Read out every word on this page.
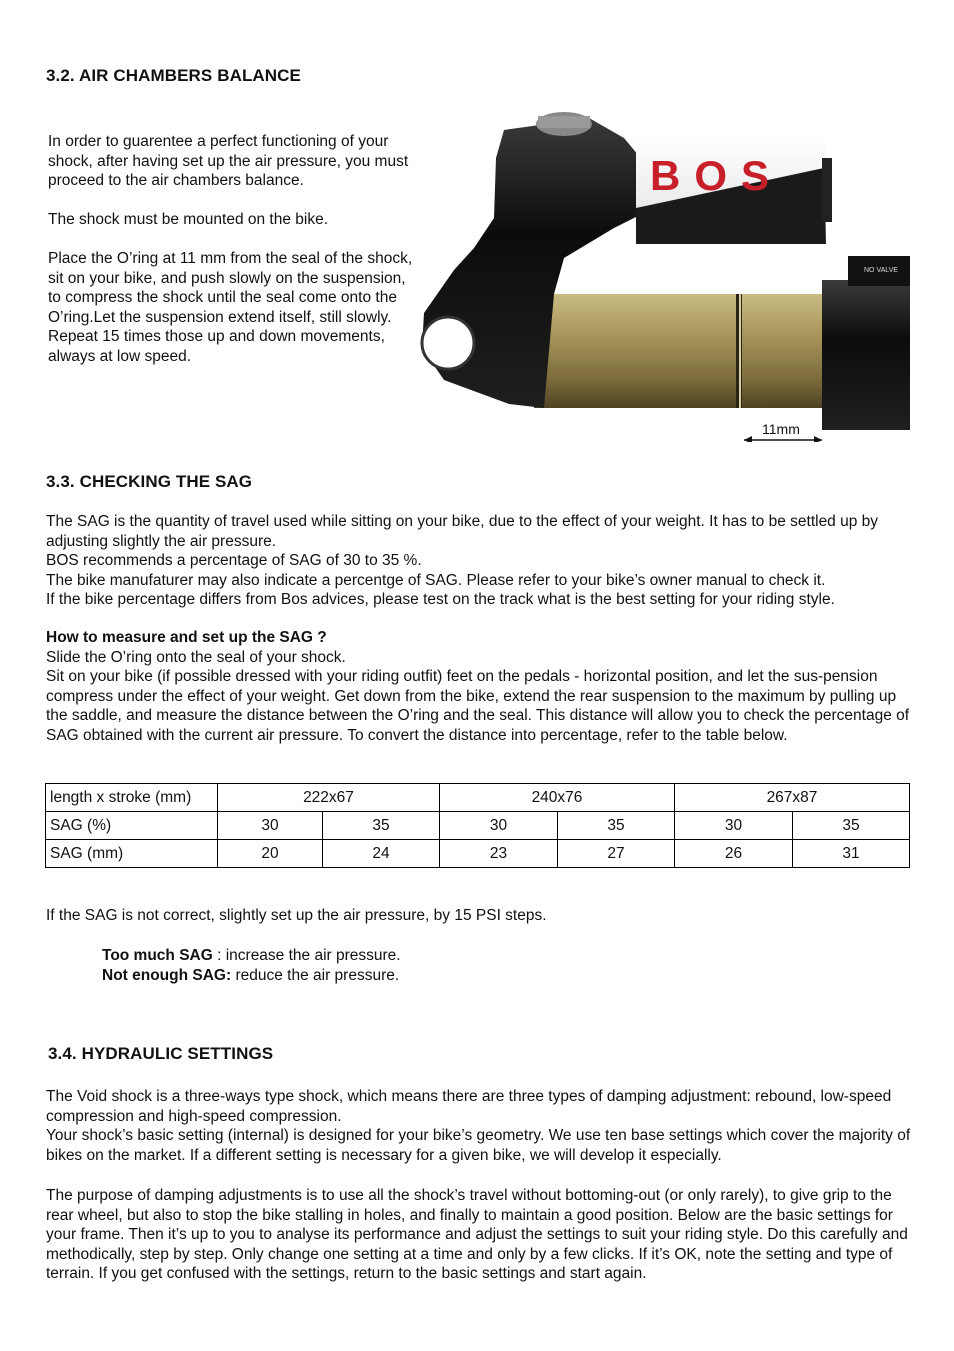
3.2. AIR CHAMBERS BALANCE

In order to guarentee a perfect functioning of your shock, after having set up the air pressure, you must proceed to the air chambers balance.

The shock must be mounted on the bike.

Place the O’ring at 11 mm from the seal of the shock, sit on your bike, and push slowly on the suspension, to compress the shock until the seal come onto the O’ring.Let the suspension extend itself, still slowly.

Repeat 15 times those up and down movements, always at low speed.

NO VALVE
BOS
11mm
3.3. CHECKING THE SAG

The SAG is the quantity of travel used while sitting on your bike, due to the effect of your weight. It has to be settled up by adjusting slightly the air pressure.

BOS recommends a percentage of SAG of 30 to 35 %.

The bike manufaturer may also indicate a percentge of SAG. Please refer to your bike’s owner manual to check it.

If the bike percentage differs from Bos advices, please test on the track what is the best setting for your riding style.

How to measure and set up the SAG ?

Slide the O’ring onto the seal of your shock.

Sit on your bike (if possible dressed with your riding outfit) feet on the pedals - horizontal position, and let the sus-pension compress under the effect of your weight. Get down from the bike, extend the rear suspension to the maximum by pulling up the saddle, and measure the distance between the O’ring and the seal. This distance will allow you to check the percentage of SAG obtained with the current air pressure. To convert the distance into percentage, refer to the table below.

length x stroke (mm)	222x67		240x76		267x87	
SAG (%)	30	35	30	35	30	35
SAG (mm)	20	24	23	27	26	31

If the SAG is not correct, slightly set up the air pressure, by 15 PSI steps.

Too much SAG : increase the air pressure.

Not enough SAG: reduce the air pressure.

3.4. HYDRAULIC SETTINGS

The Void shock is a three-ways type shock, which means there are three types of damping adjustment: rebound, low-speed compression and high-speed compression.

Your shock’s basic setting (internal) is designed for your bike’s geometry. We use ten base settings which cover the majority of bikes on the market. If a different setting is necessary for a given bike, we will develop it especially.

The purpose of damping adjustments is to use all the shock’s travel without bottoming-out (or only rarely), to give grip to the rear wheel, but also to stop the bike stalling in holes, and finally to maintain a good position. Below are the basic settings for your frame. Then it’s up to you to analyse its performance and adjust the settings to suit your riding style. Do this carefully and methodically, step by step. Only change one setting at a time and only by a few clicks. If it’s OK, note the setting and type of terrain. If you get confused with the settings, return to the basic settings and start again.
